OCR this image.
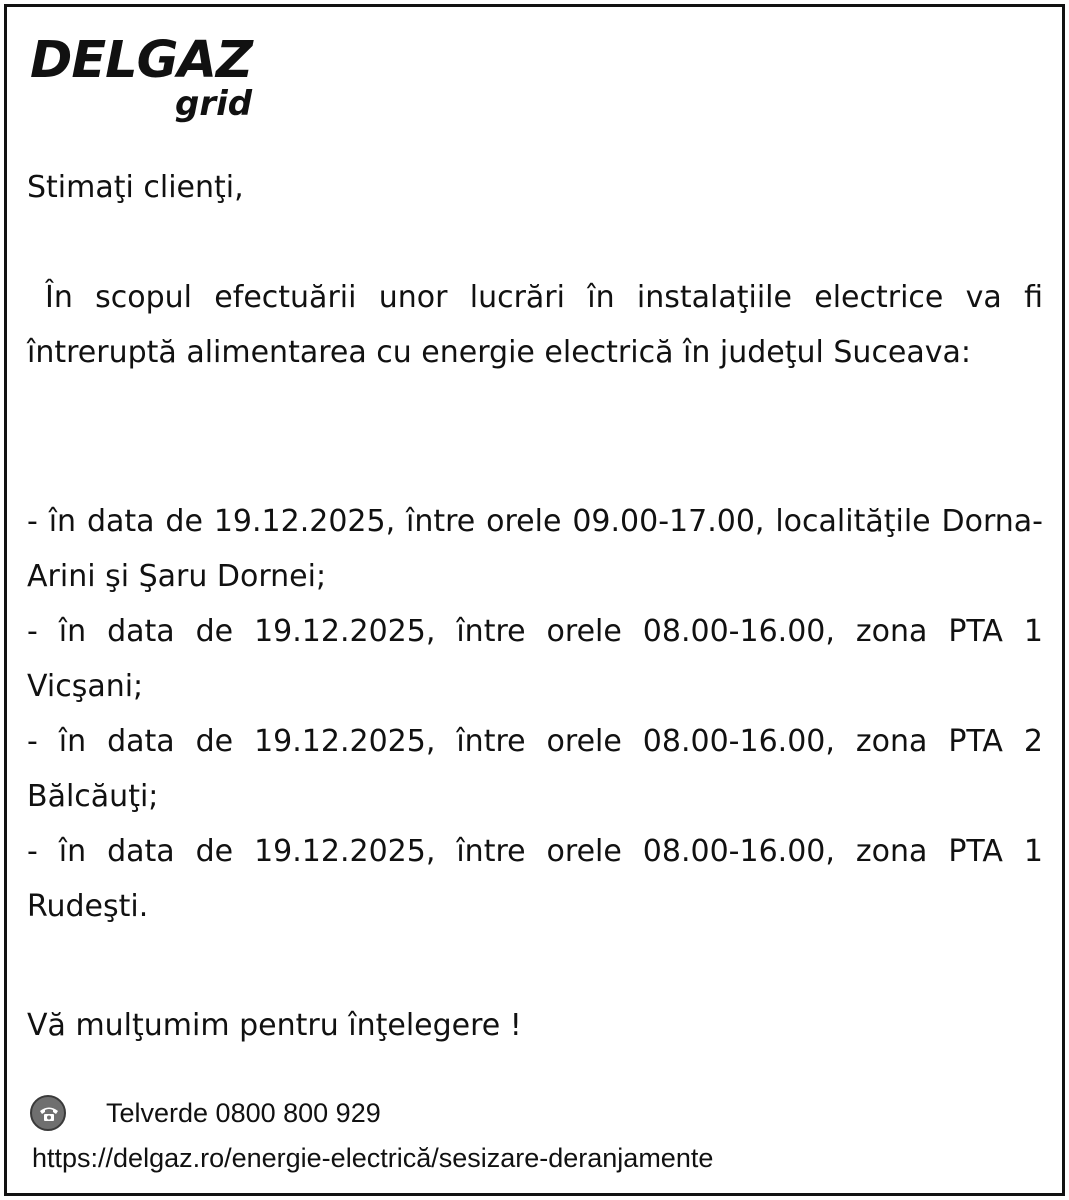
DELGAZ
grid
Stimaţi clienţi,
În scopul efectuării unor lucrări în instalaţiile electrice va fi întreruptă alimentarea cu energie electrică în judeţul Suceava:
- în data de 19.12.2025, între orele 09.00-17.00, localităţile Dorna-Arini şi Şaru Dornei;
- în data de 19.12.2025, între orele 08.00-16.00, zona PTA 1 Vicşani;
- în data de 19.12.2025, între orele 08.00-16.00, zona PTA 2 Bălcăuţi;
- în data de 19.12.2025, între orele 08.00-16.00, zona PTA 1 Rudeşti.
Vă mulţumim pentru înţelegere !
Telverde 0800 800 929
https://delgaz.ro/energie-electrică/sesizare-deranjamente
